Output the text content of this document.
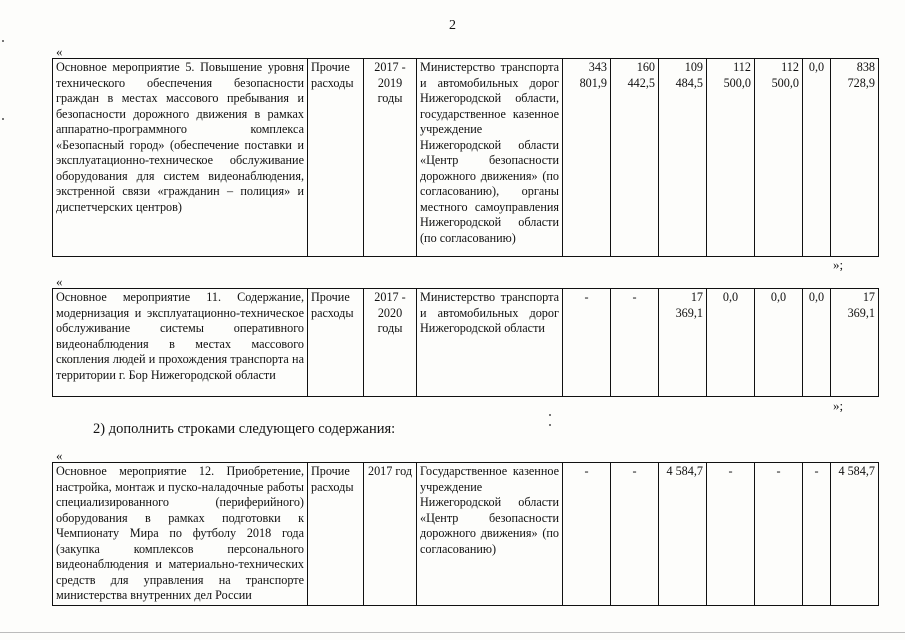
2
«
Основное мероприятие 5. Повышение уровня технического обеспечения безопасности граждан в местах массового пребывания и безопасности дорожного движения в рамках аппаратно-программного комплекса «Безопасный город» (обеспечение поставки и эксплуатационно-техническое обслуживание оборудования для систем видеонаблюдения, экстренной связи «гражданин – полиция» и диспетчерских центров)	Прочие расходы	2017 - 2019 годы	Министерство транспорта и автомобильных дорог Нижегородской области, государственное казенное учреждение Нижегородской области «Центр безопасности дорожного движения» (по согласованию), органы местного самоуправления Нижегородской области (по согласованию)	343 801,9	160 442,5	109 484,5	112 500,0	112 500,0	0,0	838 728,9
»;
«
Основное мероприятие 11. Содержание, модернизация и эксплуатационно-техническое обслуживание системы оперативного видеонаблюдения в местах массового скопления людей и прохождения транспорта на территории г. Бор Нижегородской области	Прочие расходы	2017 - 2020 годы	Министерство транспорта и автомобильных дорог Нижегородской области	-	-	17 369,1	0,0	0,0	0,0	17 369,1
»;
2) дополнить строками следующего содержания:
«
Основное мероприятие 12. Приобретение, настройка, монтаж и пуско-наладочные работы специализированного (периферийного) оборудования в рамках подготовки к Чемпионату Мира по футболу 2018 года (закупка комплексов персонального видеонаблюдения и материально-технических средств для управления на транспорте министерства внутренних дел России	Прочие расходы	2017 год	Государственное казенное учреждение Нижегородской области «Центр безопасности дорожного движения» (по согласованию)	-	-	4 584,7	-	-	-	4 584,7
